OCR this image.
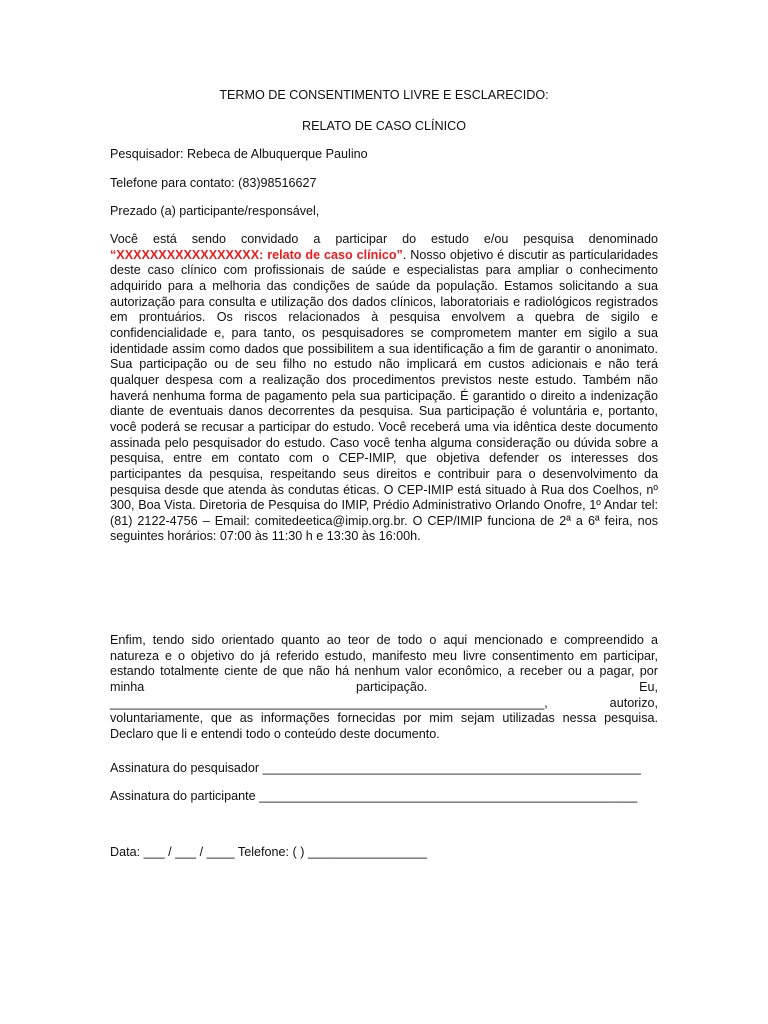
TERMO DE CONSENTIMENTO LIVRE E ESCLARECIDO:

RELATO DE CASO CLÍNICO

Pesquisador: Rebeca de Albuquerque Paulino

Telefone para contato: (83)98516627

Prezado (a) participante/responsável,

Você está sendo convidado a participar do estudo e/ou pesquisa denominado “XXXXXXXXXXXXXXXXX: relato de caso clínico”. Nosso objetivo é discutir as particularidades deste caso clínico com profissionais de saúde e especialistas para ampliar o conhecimento adquirido para a melhoria das condições de saúde da população. Estamos solicitando a sua autorização para consulta e utilização dos dados clínicos, laboratoriais e radiológicos registrados em prontuários. Os riscos relacionados à pesquisa envolvem a quebra de sigilo e confidencialidade e, para tanto, os pesquisadores se comprometem manter em sigilo a sua identidade assim como dados que possibilitem a sua identificação a fim de garantir o anonimato. Sua participação ou de seu filho no estudo não implicará em custos adicionais e não terá qualquer despesa com a realização dos procedimentos previstos neste estudo. Também não haverá nenhuma forma de pagamento pela sua participação. É garantido o direito a indenização diante de eventuais danos decorrentes da pesquisa. Sua participação é voluntária e, portanto, você poderá se recusar a participar do estudo. Você receberá uma via idêntica deste documento assinada pelo pesquisador do estudo. Caso você tenha alguma consideração ou dúvida sobre a pesquisa, entre em contato com o CEP-IMIP, que objetiva defender os interesses dos participantes da pesquisa, respeitando seus direitos e contribuir para o desenvolvimento da pesquisa desde que atenda às condutas éticas. O CEP-IMIP está situado à Rua dos Coelhos, nº 300, Boa Vista. Diretoria de Pesquisa do IMIP, Prédio Administrativo Orlando Onofre, 1º Andar tel: (81) 2122-4756 – Email: comitedeetica@imip.org.br. O CEP/IMIP funciona de 2ª a 6ª feira, nos seguintes horários: 07:00 às 11:30 h e 13:30 às 16:00h.

Enfim, tendo sido orientado quanto ao teor de todo o aqui mencionado e compreendido a natureza e o objetivo do já referido estudo, manifesto meu livre consentimento em participar, estando totalmente ciente de que não há nenhum valor econômico, a receber ou a pagar, por minha participação. Eu, ______________________________________________________________, autorizo, voluntariamente, que as informações fornecidas por mim sejam utilizadas nessa pesquisa. Declaro que li e entendi todo o conteúdo deste documento.

Assinatura do pesquisador ______________________________________________________

Assinatura do participante ______________________________________________________

Data: ___ / ___ / ____ Telefone: ( ) _________________
